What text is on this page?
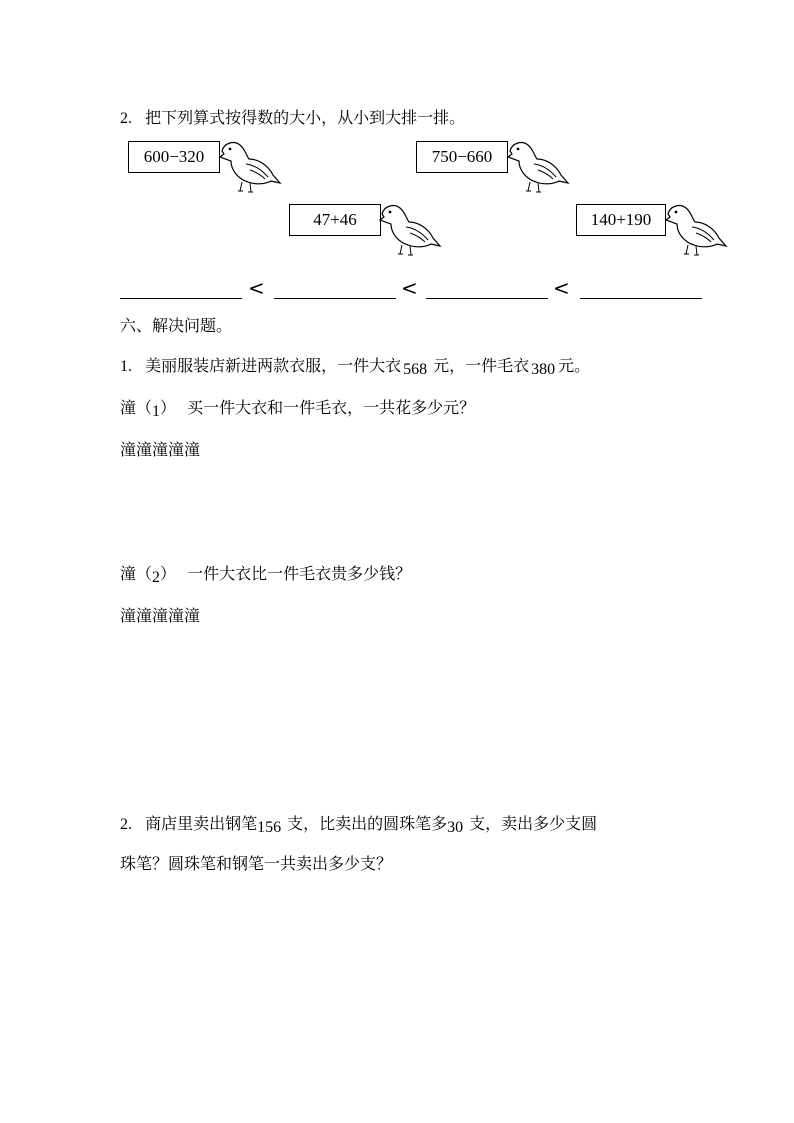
2. 把下列算式按得数的大小，从小到大排一排。
600−320	750−660
47+46	140+190
<	<	<
六、解决问题。
1. 美丽服装店新进两款衣服，一件大衣 568 元，一件毛衣 380 元。
潼（1） 买一件大衣和一件毛衣，一共花多少元？
潼潼潼潼潼
潼（2） 一件大衣比一件毛衣贵多少钱？
潼潼潼潼潼
2. 商店里卖出钢笔156 支，比卖出的圆珠笔多30 支，卖出多少支圆
珠笔？圆珠笔和钢笔一共卖出多少支？
